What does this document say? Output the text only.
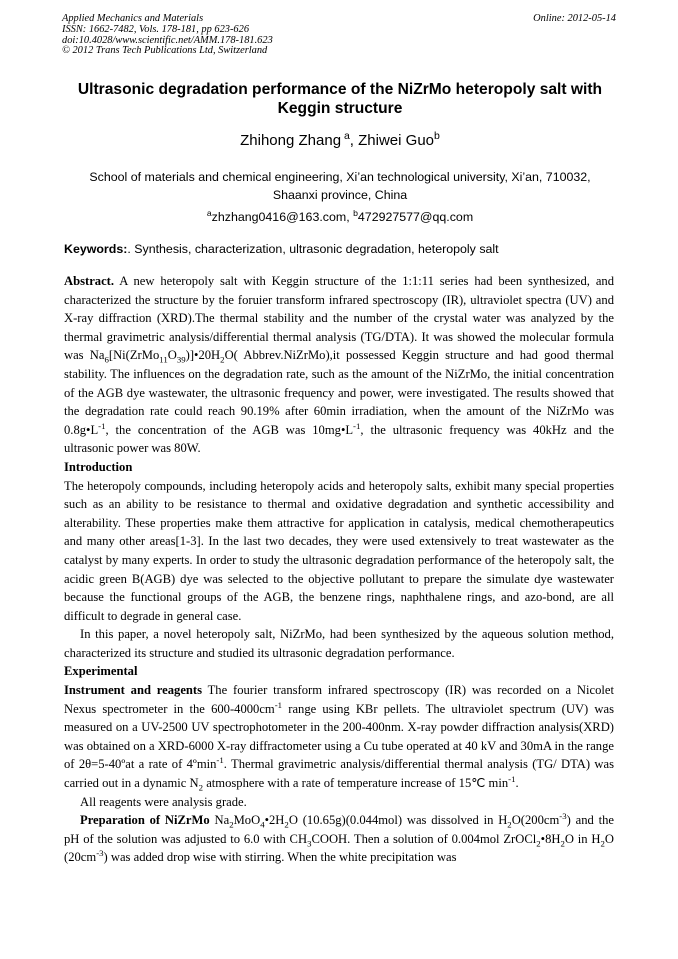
Applied Mechanics and Materials
ISSN: 1662-7482, Vols. 178-181, pp 623-626
doi:10.4028/www.scientific.net/AMM.178-181.623
© 2012 Trans Tech Publications Ltd, Switzerland
Online: 2012-05-14
Ultrasonic degradation performance of the NiZrMo heteropoly salt with Keggin structure
Zhihong Zhang $^a$, Zhiwei Guo$^b$
School of materials and chemical engineering, Xi’an technological university, Xi’an, 710032,
Shaanxi province, China
$^a$zhzhang0416@163.com, $^b$472927577@qq.com
Keywords:. Synthesis, characterization, ultrasonic degradation, heteropoly salt

Abstract. A new heteropoly salt with Keggin structure of the 1:1:11 series had been synthesized, and characterized the structure by the foruier transform infrared spectroscopy (IR), ultraviolet spectra (UV) and X-ray diffraction (XRD).The thermal stability and the number of the crystal water was analyzed by the thermal gravimetric analysis/differential thermal analysis (TG/DTA). It was showed the molecular formula was $Na_6[Ni(ZrMo_{11}O_{39})]•20H_2O$( Abbrev.NiZrMo),it possessed Keggin structure and had good thermal stability. The influences on the degradation rate, such as the amount of the NiZrMo, the initial concentration of the AGB dye wastewater, the ultrasonic frequency and power, were investigated. The results showed that the degradation rate could reach 90.19% after 60min irradiation, when the amount of the NiZrMo was $0.8g•L^{-1}$, the concentration of the AGB was $10mg•L^{-1}$, the ultrasonic frequency was 40kHz and the ultrasonic power was 80W.

Introduction

The heteropoly compounds, including heteropoly acids and heteropoly salts, exhibit many special properties such as an ability to be resistance to thermal and oxidative degradation and synthetic accessibility and alterability. These properties make them attractive for application in catalysis, medical chemotherapeutics and many other areas[1-3]. In the last two decades, they were used extensively to treat wastewater as the catalyst by many experts. In order to study the ultrasonic degradation performance of the heteropoly salt, the acidic green B(AGB) dye was selected to the objective pollutant to prepare the simulate dye wastewater because the functional groups of the AGB, the benzene rings, naphthalene rings, and azo-bond, are all difficult to degrade in general case.

In this paper, a novel heteropoly salt, NiZrMo, had been synthesized by the aqueous solution method, characterized its structure and studied its ultrasonic degradation performance.

Experimental

Instrument and reagents The fourier transform infrared spectroscopy (IR) was recorded on a Nicolet Nexus spectrometer in the $600-4000cm^{-1}$ range using KBr pellets. The ultraviolet spectrum (UV) was measured on a UV-2500 UV spectrophotometer in the 200-400nm. X-ray powder diffraction analysis(XRD) was obtained on a XRD-6000 X-ray diffractometer using a Cu tube operated at 40 kV and 30mA in the range of 2θ=5-40ºat a rate of 4ºmin$^{-1}$. Thermal gravimetric analysis/differential thermal analysis (TG/ DTA) was carried out in a dynamic $N_2$ atmosphere with a rate of temperature increase of 15℃ $\min^{-1}$.

All reagents were analysis grade.

Preparation of NiZrMo $Na_2MoO_4•2H_2O$ (10.65g)(0.044mol) was dissolved in $H_2O(200cm^{-3})$ and the pH of the solution was adjusted to 6.0 with $CH_3COOH$. Then a solution of 0.004mol $ZrOCl_2•8H_2O$ in $H_2O$ $(20cm^{-3})$ was added drop wise with stirring. When the white precipitation was
